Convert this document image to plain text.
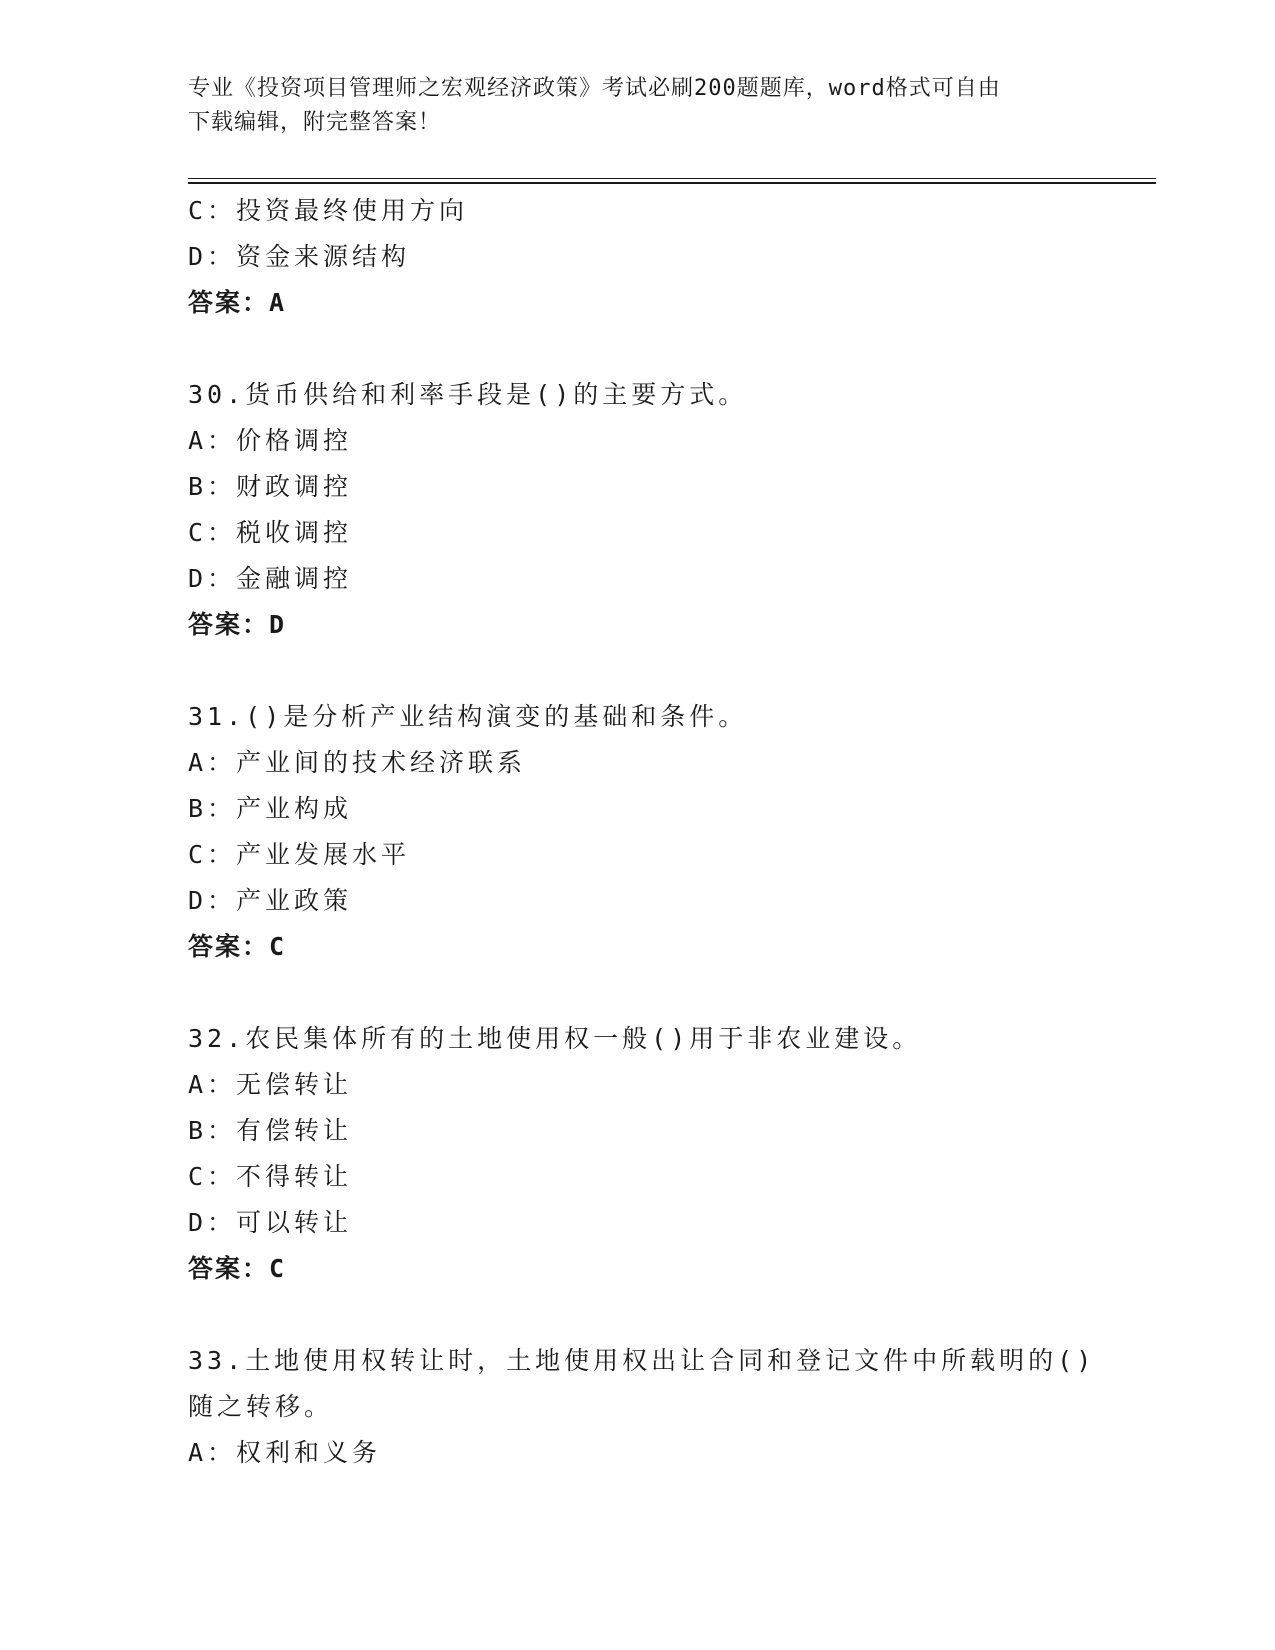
专业《投资项目管理师之宏观经济政策》考试必刷200题题库，word格式可自由
下载编辑，附完整答案！
C：投资最终使用方向
D：资金来源结构
答案：A
30.货币供给和利率手段是()的主要方式。
A：价格调控
B：财政调控
C：税收调控
D：金融调控
答案：D
31.()是分析产业结构演变的基础和条件。
A：产业间的技术经济联系
B：产业构成
C：产业发展水平
D：产业政策
答案：C
32.农民集体所有的土地使用权一般()用于非农业建设。
A：无偿转让
B：有偿转让
C：不得转让
D：可以转让
答案：C
33.土地使用权转让时，土地使用权出让合同和登记文件中所载明的()
随之转移。
A：权利和义务
